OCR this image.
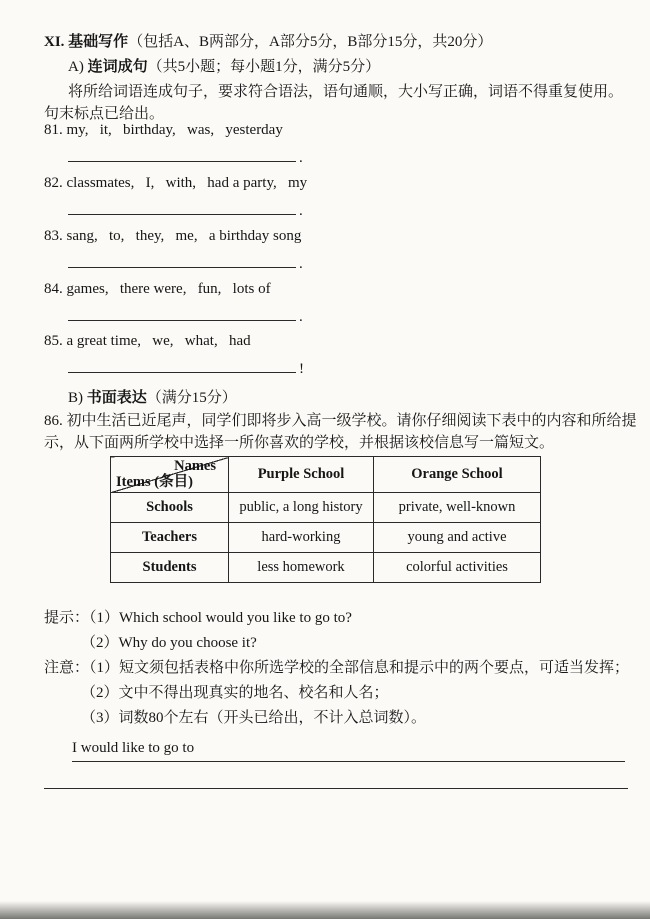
XI. 基础写作（包括A、B两部分，A部分5分，B部分15分，共20分）
A) 连词成句（共5小题；每小题1分，满分5分）
将所给词语连成句子，要求符合语法，语句通顺，大小写正确，词语不得重复使用。
句末标点已给出。
81. my,   it,   birthday,   was,   yesterday
.
82. classmates,   I,   with,   had a party,   my
.
83. sang,   to,   they,   me,   a birthday song
.
84. games,   there were,   fun,   lots of
.
85. a great time,   we,   what,   had
!
B) 书面表达（满分15分）
86. 初中生活已近尾声，同学们即将步入高一级学校。请你仔细阅读下表中的内容和所给提
示，从下面两所学校中选择一所你喜欢的学校，并根据该校信息写一篇短文。
Names
Items (条目)	Purple School	Orange School
Schools	public, a long history	private, well-known
Teachers	hard-working	young and active
Students	less homework	colorful activities
提示：（1）Which school would you like to go to?
（2）Why do you choose it?
注意：（1）短文须包括表格中你所选学校的全部信息和提示中的两个要点，可适当发挥；
（2）文中不得出现真实的地名、校名和人名；
（3）词数80个左右（开头已给出，不计入总词数）。
I would like to go to
